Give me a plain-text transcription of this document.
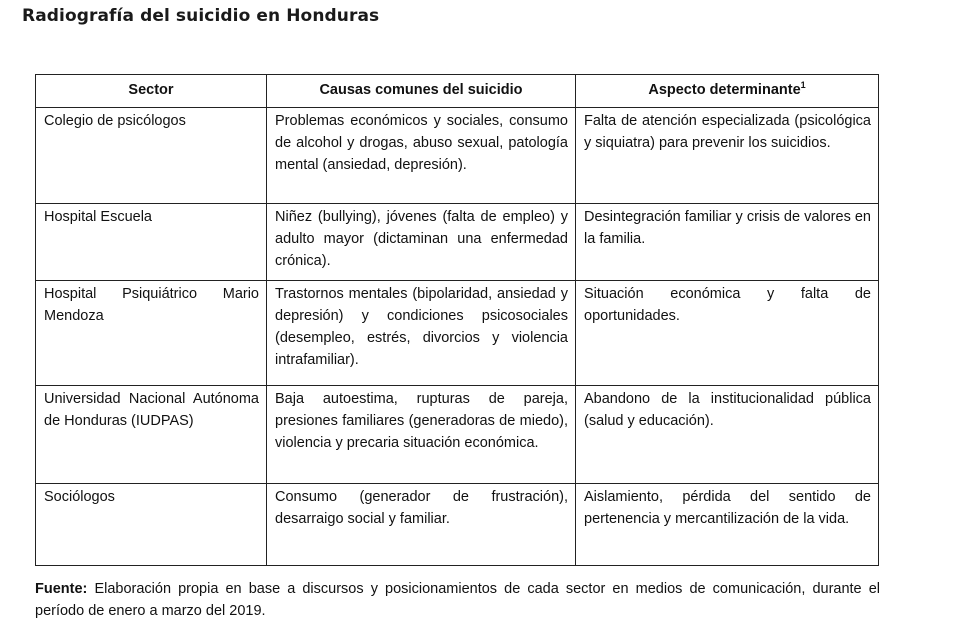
Radiografía del suicidio en Honduras
Sector	Causas comunes del suicidio	Aspecto determinante$^1$
Colegio de psicólogos	Problemas económicos y sociales, consumo de alcohol y drogas, abuso sexual, patología mental (ansiedad, depresión).	Falta de atención especializada (psicológica y siquiatra) para prevenir los suicidios.
Hospital Escuela	Niñez (bullying), jóvenes (falta de empleo) y adulto mayor (dictaminan una enfermedad crónica).	Desintegración familiar y crisis de valores en la familia.
Hospital Psiquiátrico Mario Mendoza	Trastornos mentales (bipolaridad, ansiedad y depresión) y condiciones psicosociales (desempleo, estrés, divorcios y violencia intrafamiliar).	Situación económica y falta de oportunidades.
Universidad Nacional Autónoma de Honduras (IUDPAS)	Baja autoestima, rupturas de pareja, presiones familiares (generadoras de miedo), violencia y precaria situación económica.	Abandono de la institucionalidad pública (salud y educación).
Sociólogos	Consumo (generador de frustración), desarraigo social y familiar.	Aislamiento, pérdida del sentido de pertenencia y mercantilización de la vida.
Fuente: Elaboración propia en base a discursos y posicionamientos de cada sector en medios de comunicación, durante el período de enero a marzo del 2019.
